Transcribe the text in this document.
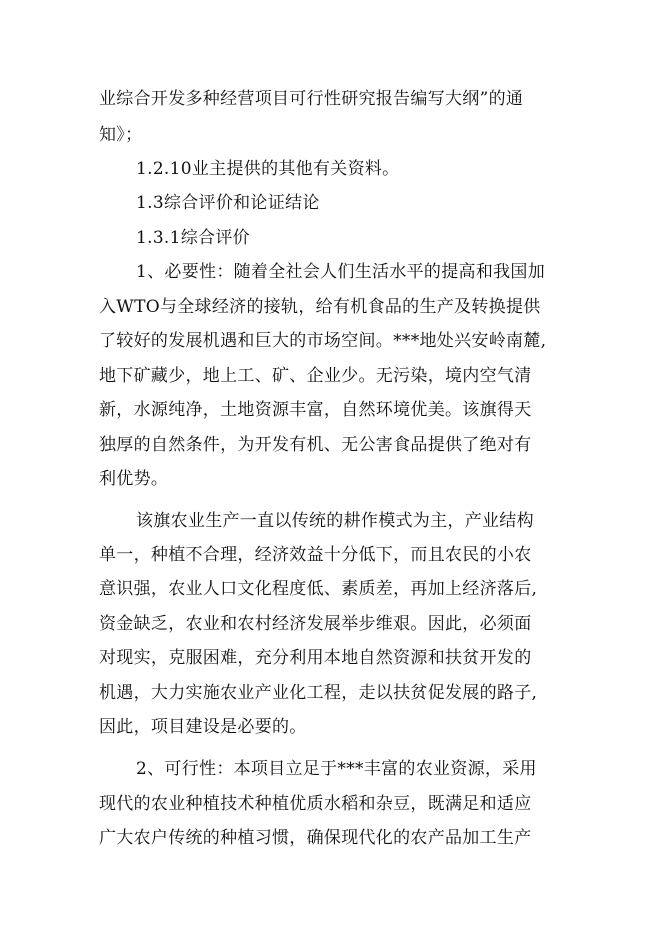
业综合开发多种经营项目可行性研究报告编写大纲”的通
知》；
1.2.10业主提供的其他有关资料。
1.3综合评价和论证结论
1.3.1综合评价
1、必要性：随着全社会人们生活水平的提高和我国加
入WTO与全球经济的接轨，给有机食品的生产及转换提供
了较好的发展机遇和巨大的市场空间。***地处兴安岭南麓,
地下矿藏少，地上工、矿、企业少。无污染，境内空气清
新，水源纯净，土地资源丰富，自然环境优美。该旗得天
独厚的自然条件，为开发有机、无公害食品提供了绝对有
利优势。
该旗农业生产一直以传统的耕作模式为主，产业结构
单一，种植不合理，经济效益十分低下，而且农民的小农
意识强，农业人口文化程度低、素质差，再加上经济落后,
资金缺乏，农业和农村经济发展举步维艰。因此，必须面
对现实，克服困难，充分利用本地自然资源和扶贫开发的
机遇，大力实施农业产业化工程，走以扶贫促发展的路子,
因此，项目建设是必要的。
2、可行性：本项目立足于***丰富的农业资源，采用
现代的农业种植技术种植优质水稻和杂豆，既满足和适应
广大农户传统的种植习惯，确保现代化的农产品加工生产
